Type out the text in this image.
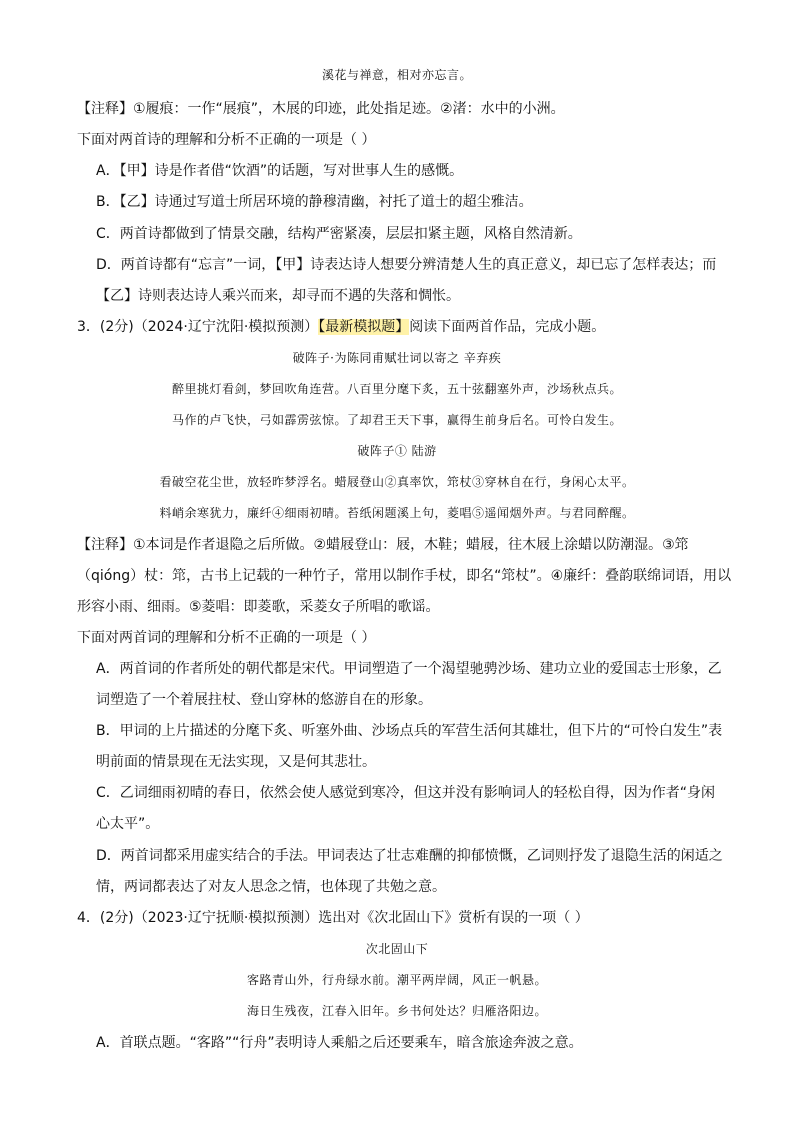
溪花与禅意，相对亦忘言。
【注释】①履痕：一作“展痕”，木展的印迹，此处指足迹。②渚：水中的小洲。
下面对两首诗的理解和分析不正确的一项是（ ）
A．【甲】诗是作者借“饮酒”的话题，写对世事人生的感慨。
B．【乙】诗通过写道士所居环境的静穆清幽，衬托了道士的超尘雅洁。
C．两首诗都做到了情景交融，结构严密紧凑，层层扣紧主题，风格自然清新。
D．两首诗都有“忘言”一词，【甲】诗表达诗人想要分辨清楚人生的真正意义，却已忘了怎样表达；而
【乙】诗则表达诗人乘兴而来，却寻而不遇的失落和惆怅。
3．(2分)（2024·辽宁沈阳·模拟预测）【最新模拟题】阅读下面两首作品，完成小题。
破阵子·为陈同甫赋壮词以寄之 辛弃疾
醉里挑灯看剑，梦回吹角连营。八百里分麾下炙，五十弦翻塞外声，沙场秋点兵。
马作的卢飞快，弓如霹雳弦惊。了却君王天下事，赢得生前身后名。可怜白发生。
破阵子① 陆游
看破空花尘世，放轻昨梦浮名。蜡屐登山②真率饮，筇杖③穿林自在行，身闲心太平。
料峭余寒犹力，廉纤④细雨初晴。苔纸闲题溪上句，菱唱⑤遥闻烟外声。与君同醉醒。
【注释】①本词是作者退隐之后所做。②蜡屐登山：屐，木鞋；蜡屐，往木屐上涂蜡以防潮湿。③筇
（qióng）杖：筇，古书上记载的一种竹子，常用以制作手杖，即名“筇杖”。④廉纤：叠韵联绵词语，用以
形容小雨、细雨。⑤菱唱：即菱歌，采菱女子所唱的歌谣。
下面对两首词的理解和分析不正确的一项是（ ）
A．两首词的作者所处的朝代都是宋代。甲词塑造了一个渴望驰骋沙场、建功立业的爱国志士形象，乙
词塑造了一个着展拄杖、登山穿林的悠游自在的形象。
B．甲词的上片描述的分麾下炙、听塞外曲、沙场点兵的军营生活何其雄壮，但下片的“可怜白发生”表
明前面的情景现在无法实现，又是何其悲壮。
C．乙词细雨初晴的春日，依然会使人感觉到寒冷，但这并没有影响词人的轻松自得，因为作者“身闲
心太平”。
D．两首词都采用虚实结合的手法。甲词表达了壮志难酬的抑郁愤慨，乙词则抒发了退隐生活的闲适之
情，两词都表达了对友人思念之情，也体现了共勉之意。
4．(2分)（2023·辽宁抚顺·模拟预测）选出对《次北固山下》赏析有误的一项（ ）
次北固山下
客路青山外，行舟绿水前。潮平两岸阔，风正一帆悬。
海日生残夜，江春入旧年。乡书何处达？归雁洛阳边。
A．首联点题。“客路”“行舟”表明诗人乘船之后还要乘车，暗含旅途奔波之意。
